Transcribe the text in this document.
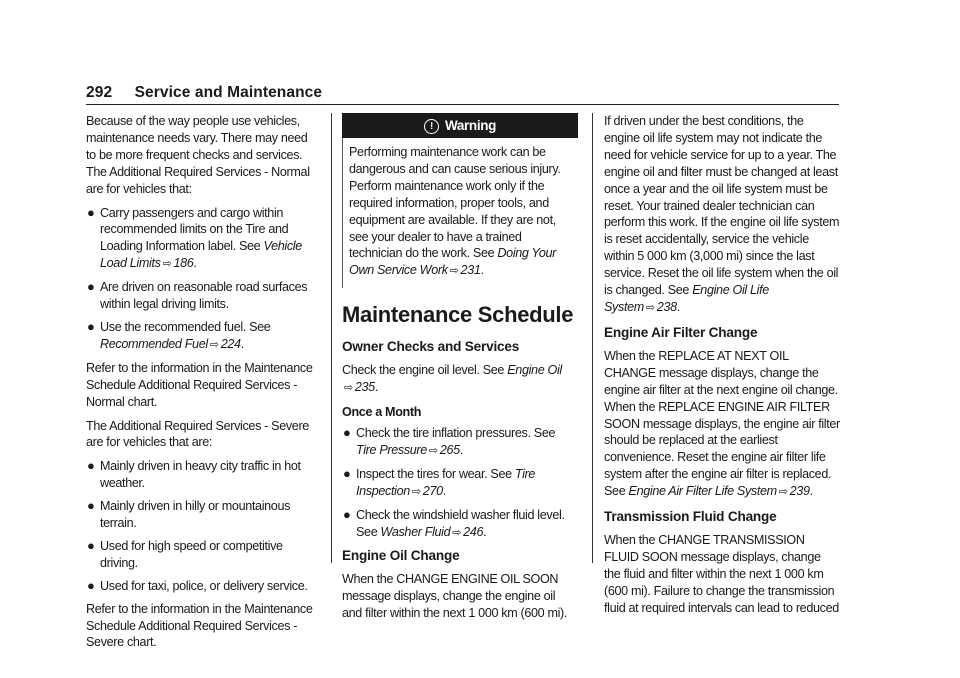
292 Service and Maintenance

Because of the way people use vehicles, maintenance needs vary. There may need to be more frequent checks and services. The Additional Required Services - Normal are for vehicles that:

● Carry passengers and cargo within recommended limits on the Tire and Loading Information label. See Vehicle Load Limits ⇨ 186.
● Are driven on reasonable road surfaces within legal driving limits.
● Use the recommended fuel. See Recommended Fuel ⇨ 224.

Refer to the information in the Maintenance Schedule Additional Required Services - Normal chart.

The Additional Required Services - Severe are for vehicles that are:

● Mainly driven in heavy city traffic in hot weather.
● Mainly driven in hilly or mountainous terrain.
● Used for high speed or competitive driving.
● Used for taxi, police, or delivery service.

Refer to the information in the Maintenance Schedule Additional Required Services - Severe chart.

! Warning
Performing maintenance work can be dangerous and can cause serious injury. Perform maintenance work only if the required information, proper tools, and equipment are available. If they are not, see your dealer to have a trained technician do the work. See Doing Your Own Service Work ⇨ 231.
Maintenance Schedule
Owner Checks and Services

Check the engine oil level. See Engine Oil
⇨ 235.

Once a Month
● Check the tire inflation pressures. See Tire Pressure ⇨ 265.
● Inspect the tires for wear. See Tire Inspection ⇨ 270.
● Check the windshield washer fluid level. See Washer Fluid ⇨ 246.
Engine Oil Change

When the CHANGE ENGINE OIL SOON message displays, change the engine oil and filter within the next 1 000 km (600 mi).

If driven under the best conditions, the engine oil life system may not indicate the need for vehicle service for up to a year. The engine oil and filter must be changed at least once a year and the oil life system must be reset. Your trained dealer technician can perform this work. If the engine oil life system is reset accidentally, service the vehicle within 5 000 km (3,000 mi) since the last service. Reset the oil life system when the oil is changed. See Engine Oil Life System ⇨ 238.

Engine Air Filter Change

When the REPLACE AT NEXT OIL CHANGE message displays, change the engine air filter at the next engine oil change. When the REPLACE ENGINE AIR FILTER SOON message displays, the engine air filter should be replaced at the earliest convenience. Reset the engine air filter life system after the engine air filter is replaced. See Engine Air Filter Life System ⇨ 239.

Transmission Fluid Change

When the CHANGE TRANSMISSION FLUID SOON message displays, change the fluid and filter within the next 1 000 km (600 mi). Failure to change the transmission fluid at required intervals can lead to reduced
